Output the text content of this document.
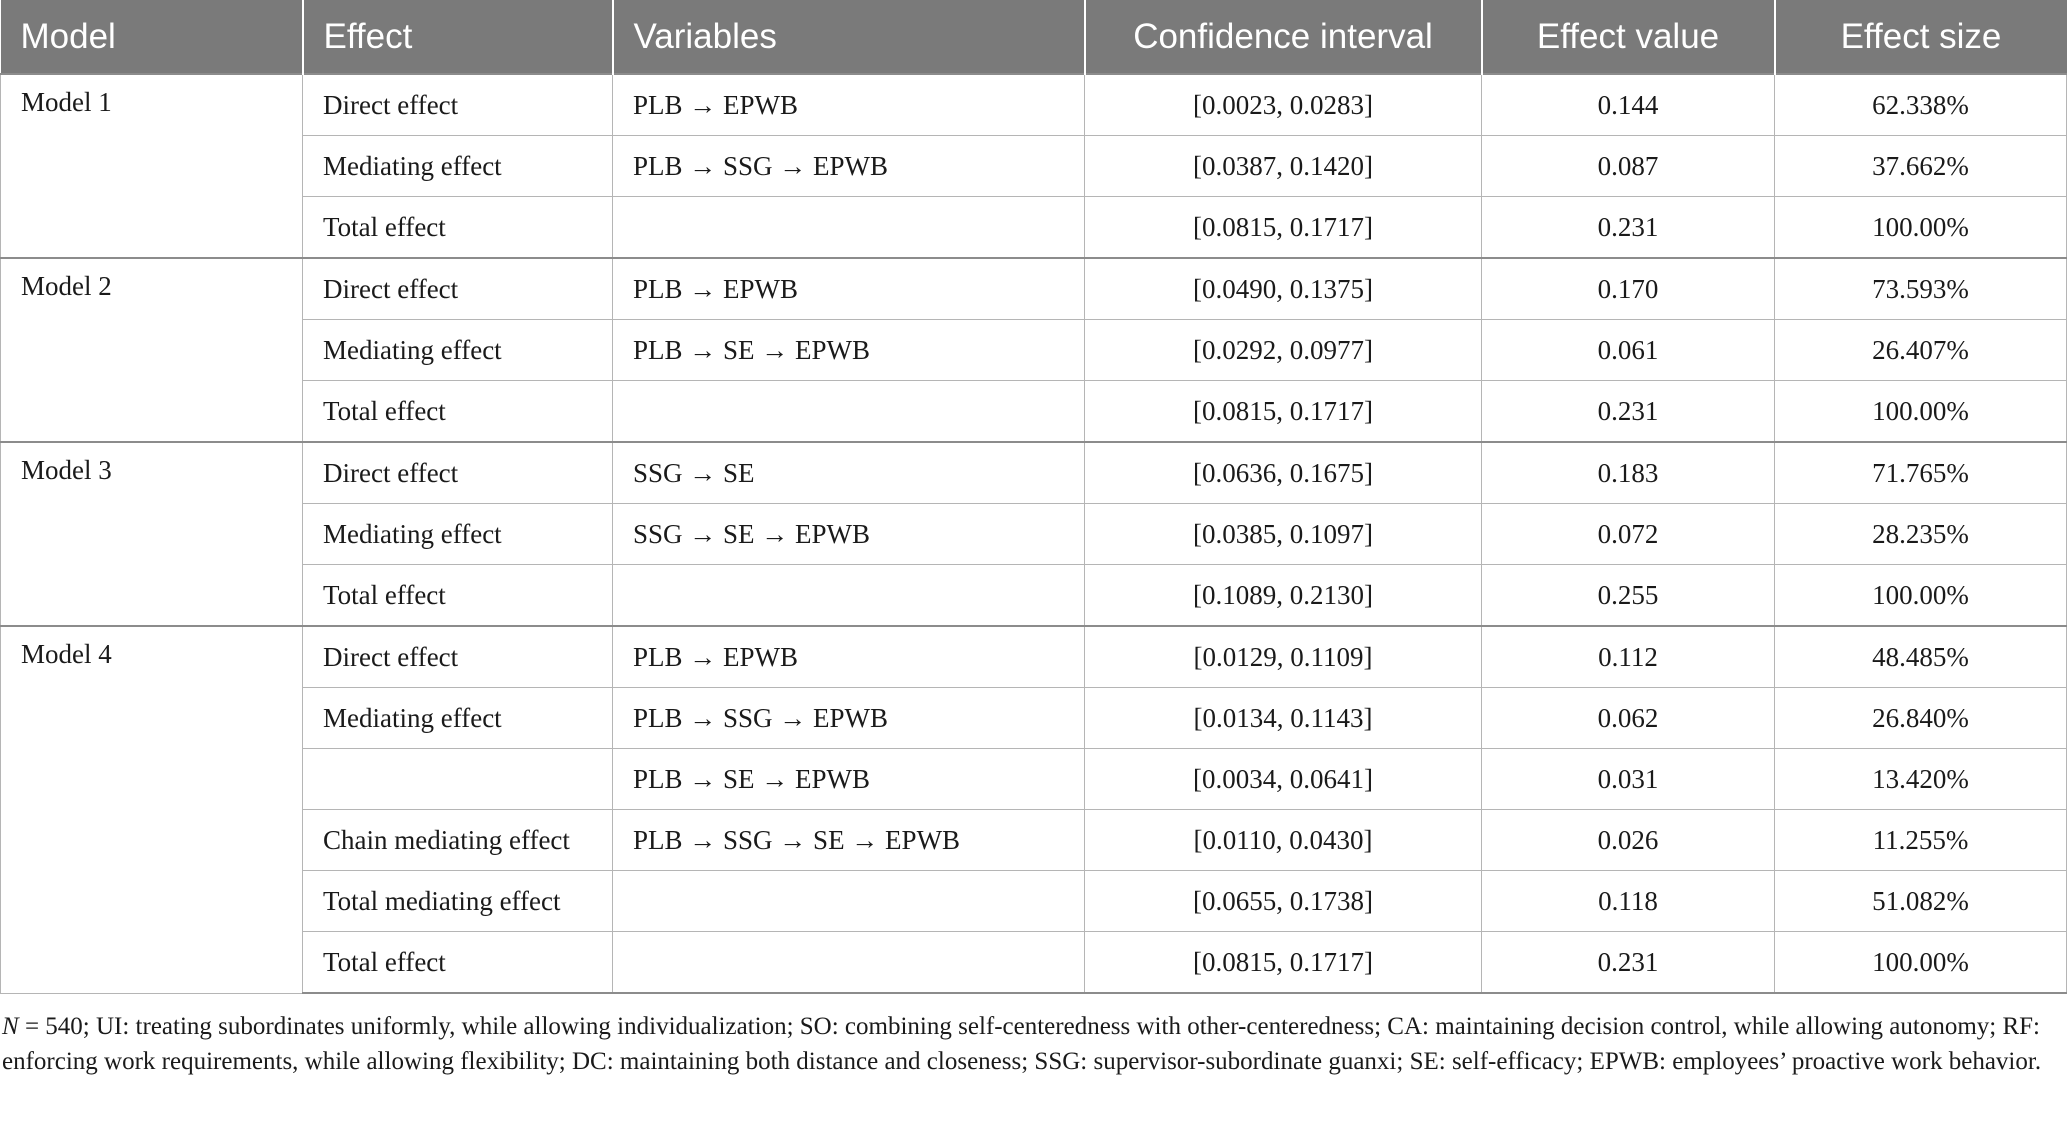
Model	Effect	Variables	Confidence interval	Effect value	Effect size
Model 1	Direct effect	PLB → EPWB	[0.0023, 0.0283]	0.144	62.338%
	Mediating effect	PLB → SSG → EPWB	[0.0387, 0.1420]	0.087	37.662%
	Total effect		[0.0815, 0.1717]	0.231	100.00%
Model 2	Direct effect	PLB → EPWB	[0.0490, 0.1375]	0.170	73.593%
	Mediating effect	PLB → SE → EPWB	[0.0292, 0.0977]	0.061	26.407%
	Total effect		[0.0815, 0.1717]	0.231	100.00%
Model 3	Direct effect	SSG → SE	[0.0636, 0.1675]	0.183	71.765%
	Mediating effect	SSG → SE → EPWB	[0.0385, 0.1097]	0.072	28.235%
	Total effect		[0.1089, 0.2130]	0.255	100.00%
Model 4	Direct effect	PLB → EPWB	[0.0129, 0.1109]	0.112	48.485%
	Mediating effect	PLB → SSG → EPWB	[0.0134, 0.1143]	0.062	26.840%
		PLB → SE → EPWB	[0.0034, 0.0641]	0.031	13.420%
	Chain mediating effect	PLB → SSG → SE → EPWB	[0.0110, 0.0430]	0.026	11.255%
	Total mediating effect		[0.0655, 0.1738]	0.118	51.082%
	Total effect		[0.0815, 0.1717]	0.231	100.00%
N = 540; UI: treating subordinates uniformly, while allowing individualization; SO: combining self-centeredness with other-centeredness; CA: maintaining decision control, while allowing autonomy; RF: enforcing work requirements, while allowing flexibility; DC: maintaining both distance and closeness; SSG: supervisor-subordinate guanxi; SE: self-efficacy; EPWB: employees’ proactive work behavior.
